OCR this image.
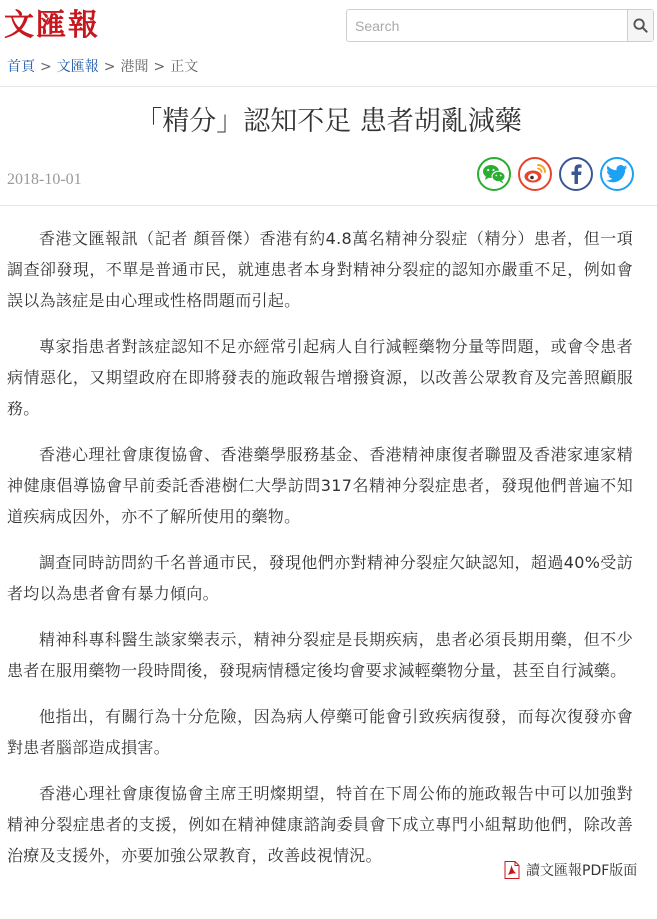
文匯報
Search
首頁 > 文匯報 > 港聞 > 正文
「精分」認知不足 患者胡亂減藥
2018-10-01

香港文匯報訊（記者 顏晉傑）香港有約4.8萬名精神分裂症（精分）患者，但一項調查卻發現，不單是普通市民，就連患者本身對精神分裂症的認知亦嚴重不足，例如會誤以為該症是由心理或性格問題而引起。

專家指患者對該症認知不足亦經常引起病人自行減輕藥物分量等問題，或會令患者病情惡化，又期望政府在即將發表的施政報告增撥資源，以改善公眾教育及完善照顧服務。

香港心理社會康復協會、香港藥學服務基金、香港精神康復者聯盟及香港家連家精神健康倡導協會早前委託香港樹仁大學訪問317名精神分裂症患者，發現他們普遍不知道疾病成因外，亦不了解所使用的藥物。

調查同時訪問約千名普通市民，發現他們亦對精神分裂症欠缺認知，超過40%受訪者均以為患者會有暴力傾向。

精神科專科醫生談家樂表示，精神分裂症是長期疾病，患者必須長期用藥，但不少患者在服用藥物一段時間後，發現病情穩定後均會要求減輕藥物分量，甚至自行減藥。

他指出，有關行為十分危險，因為病人停藥可能會引致疾病復發，而每次復發亦會對患者腦部造成損害。

香港心理社會康復協會主席王明燦期望，特首在下周公佈的施政報告中可以加強對精神分裂症患者的支援，例如在精神健康諮詢委員會下成立專門小組幫助他們，除改善治療及支援外，亦要加強公眾教育，改善歧視情況。

讀文匯報PDF版面
